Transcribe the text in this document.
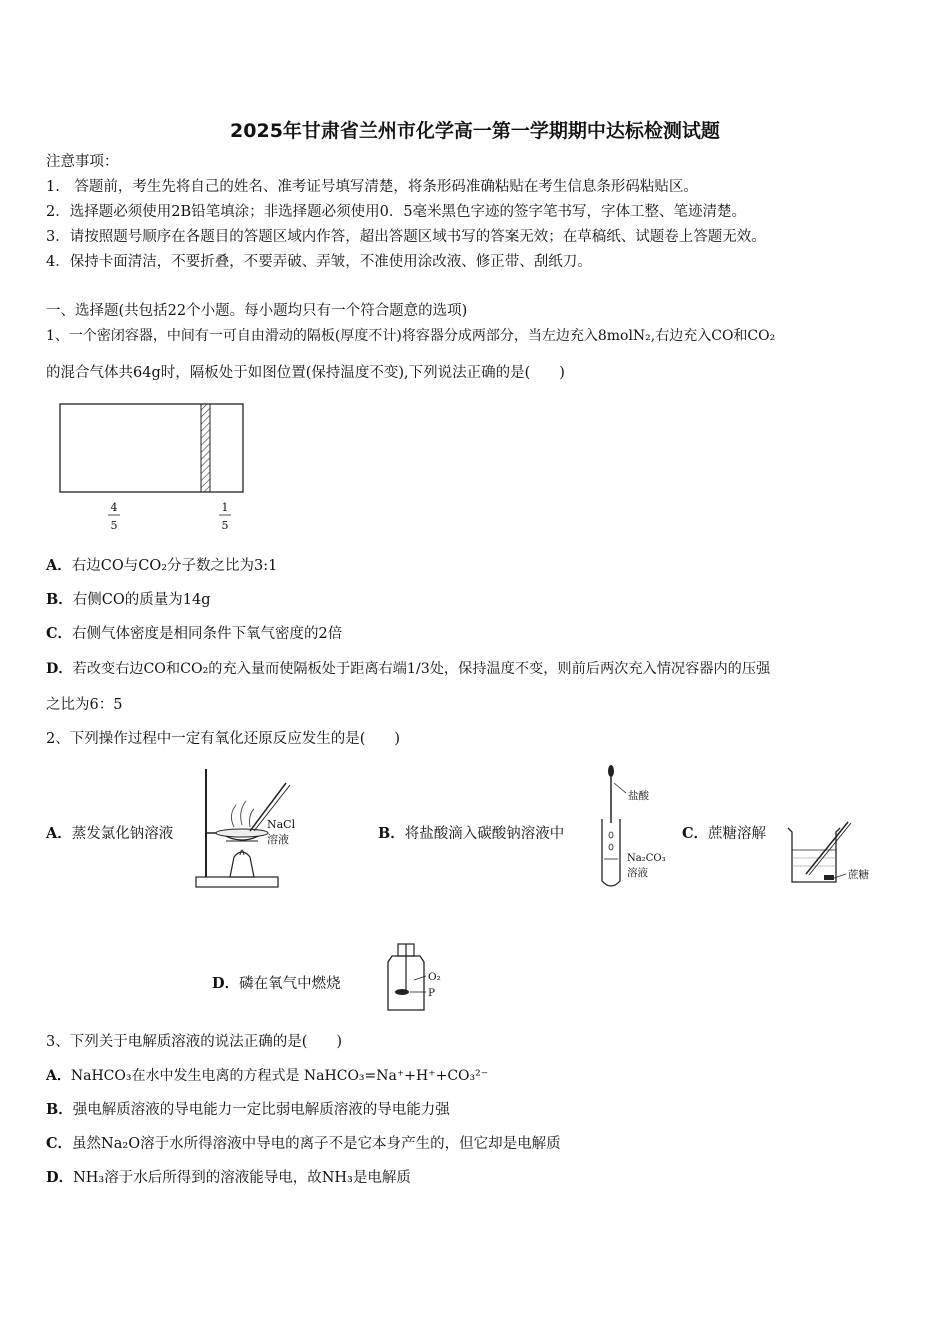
2025年甘肃省兰州市化学高一第一学期期中达标检测试题
注意事项：
1.　答题前，考生先将自己的姓名、准考证号填写清楚，将条形码准确粘贴在考生信息条形码粘贴区。
2．选择题必须使用2B铅笔填涂；非选择题必须使用0．5毫米黑色字迹的签字笔书写，字体工整、笔迹清楚。
3．请按照题号顺序在各题目的答题区域内作答，超出答题区域书写的答案无效；在草稿纸、试题卷上答题无效。
4．保持卡面清洁，不要折叠，不要弄破、弄皱，不准使用涂改液、修正带、刮纸刀。
一、选择题(共包括22个小题。每小题均只有一个符合题意的选项)
1、一个密闭容器，中间有一可自由滑动的隔板(厚度不计)将容器分成两部分，当左边充入8molN₂,右边充入CO和CO₂
的混合气体共64g时，隔板处于如图位置(保持温度不变),下列说法正确的是(　　)
4
5
1
5
A．右边CO与CO₂分子数之比为3:1
B．右侧CO的质量为14g
C．右侧气体密度是相同条件下氧气密度的2倍
D．若改变右边CO和CO₂的充入量而使隔板处于距离右端1/3处，保持温度不变，则前后两次充入情况容器内的压强
之比为6：5
2、下列操作过程中一定有氧化还原反应发生的是(　　)
A．蒸发氯化钠溶液
NaCl
溶液	B．将盐酸滴入碳酸钠溶液中
盐酸
Na₂CO₃
溶液
C．蔗糖溶解
蔗糖
D．磷在氧气中燃烧	O₂
P
3、下列关于电解质溶液的说法正确的是(　　)
A．NaHCO₃在水中发生电离的方程式是 NaHCO₃=Na⁺+H⁺+CO₃²⁻
B．强电解质溶液的导电能力一定比弱电解质溶液的导电能力强
C．虽然Na₂O溶于水所得溶液中导电的离子不是它本身产生的，但它却是电解质
D．NH₃溶于水后所得到的溶液能导电，故NH₃是电解质
